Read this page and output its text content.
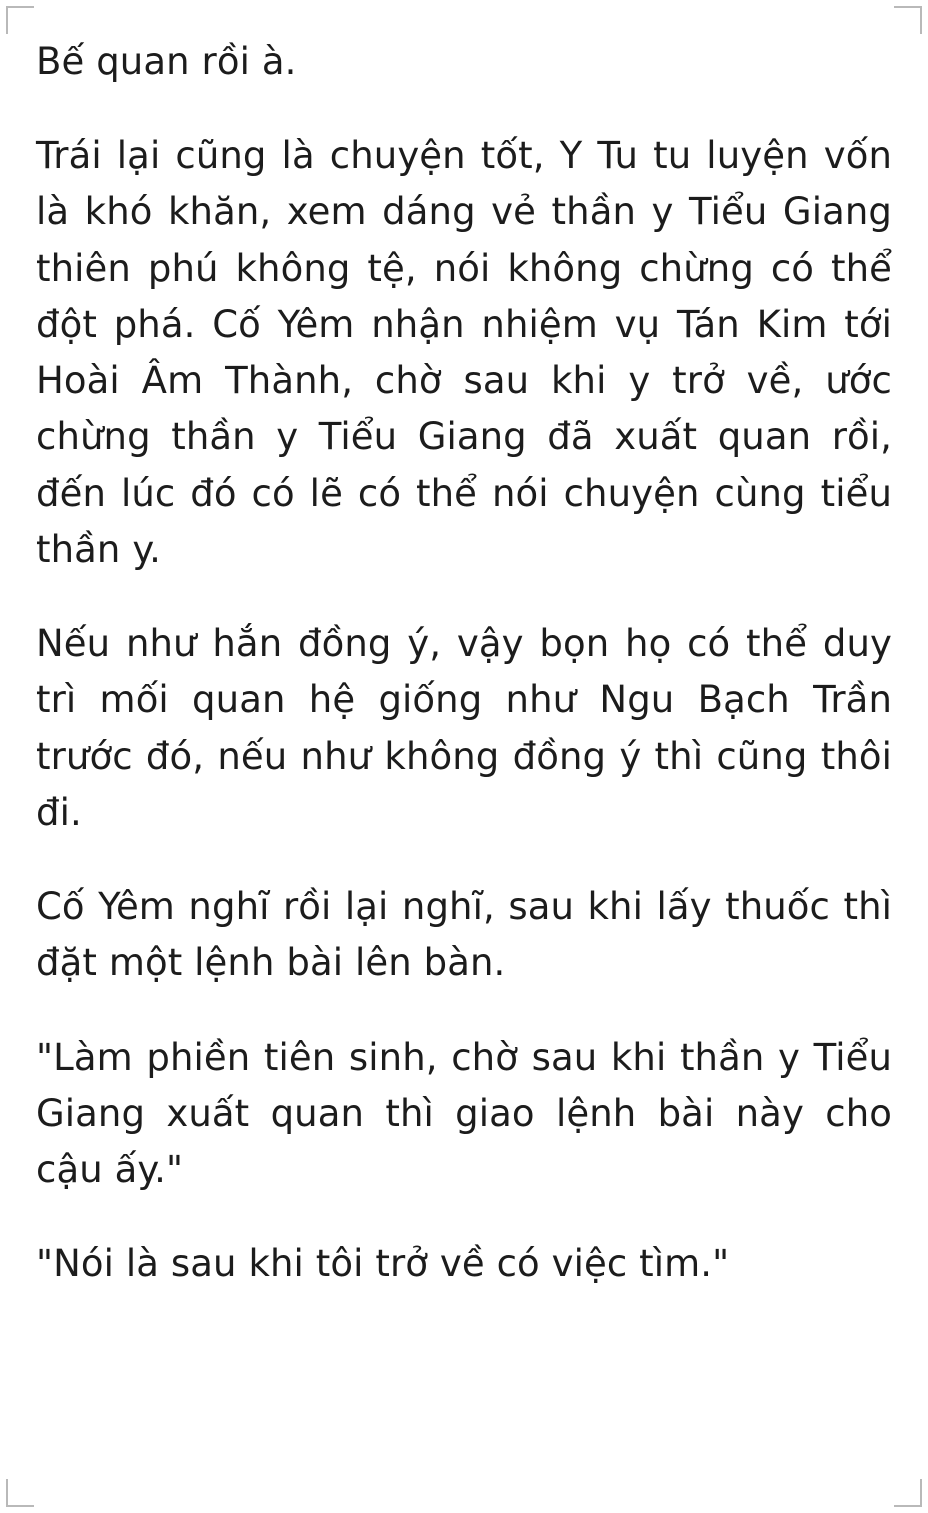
Bế quan rồi à.

Trái lại cũng là chuyện tốt, Y Tu tu luyện vốn là khó khăn, xem dáng vẻ thần y Tiểu Giang thiên phú không tệ, nói không chừng có thể đột phá. Cố Yêm nhận nhiệm vụ Tán Kim tới Hoài Âm Thành, chờ sau khi y trở về, ước chừng thần y Tiểu Giang đã xuất quan rồi, đến lúc đó có lẽ có thể nói chuyện cùng tiểu thần y.

Nếu như hắn đồng ý, vậy bọn họ có thể duy trì mối quan hệ giống như Ngu Bạch Trần trước đó, nếu như không đồng ý thì cũng thôi đi.

Cố Yêm nghĩ rồi lại nghĩ, sau khi lấy thuốc thì đặt một lệnh bài lên bàn.

"Làm phiền tiên sinh, chờ sau khi thần y Tiểu Giang xuất quan thì giao lệnh bài này cho cậu ấy."

"Nói là sau khi tôi trở về có việc tìm."
